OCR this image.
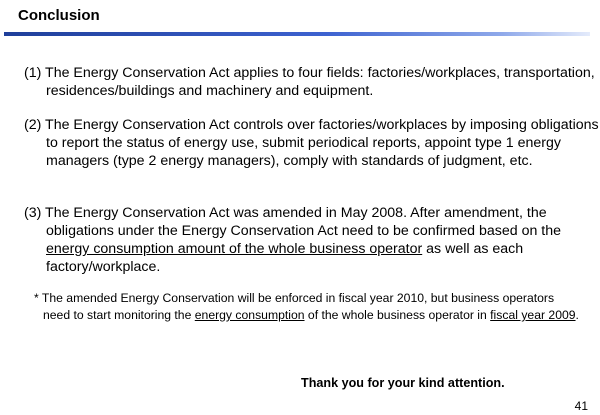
Conclusion

(1) The Energy Conservation Act applies to four fields: factories/workplaces, transportation, residences/buildings and machinery and equipment.

(2) The Energy Conservation Act controls over factories/workplaces by imposing obligations to report the status of energy use, submit periodical reports, appoint type 1 energy managers (type 2 energy managers), comply with standards of judgment, etc.

(3) The Energy Conservation Act was amended in May 2008. After amendment, the obligations under the Energy Conservation Act need to be confirmed based on the energy consumption amount of the whole business operator as well as each factory/workplace.

* The amended Energy Conservation will be enforced in fiscal year 2010, but business operators need to start monitoring the energy consumption of the whole business operator in fiscal year 2009.

Thank you for your kind attention.
41
